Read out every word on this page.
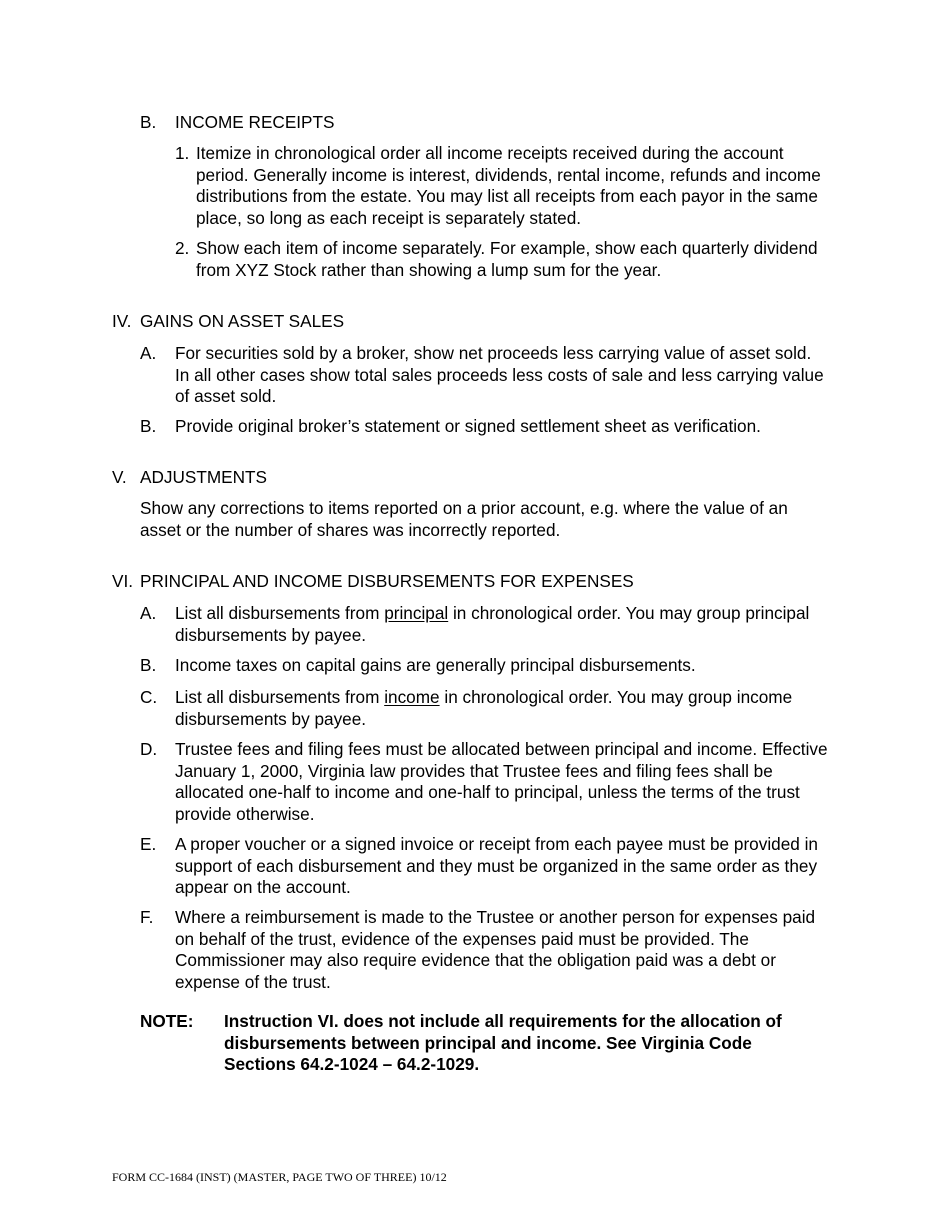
B. INCOME RECEIPTS
1. Itemize in chronological order all income receipts received during the account
period. Generally income is interest, dividends, rental income, refunds and income
distributions from the estate. You may list all receipts from each payor in the same
place, so long as each receipt is separately stated.
2. Show each item of income separately. For example, show each quarterly dividend
from XYZ Stock rather than showing a lump sum for the year.
IV. GAINS ON ASSET SALES
A. For securities sold by a broker, show net proceeds less carrying value of asset sold.
In all other cases show total sales proceeds less costs of sale and less carrying value
of asset sold.
B. Provide original broker’s statement or signed settlement sheet as verification.
V. ADJUSTMENTS
Show any corrections to items reported on a prior account, e.g. where the value of an
asset or the number of shares was incorrectly reported.
VI. PRINCIPAL AND INCOME DISBURSEMENTS FOR EXPENSES
A. List all disbursements from principal in chronological order. You may group principal
disbursements by payee.
B. Income taxes on capital gains are generally principal disbursements.
C. List all disbursements from income in chronological order. You may group income
disbursements by payee.
D. Trustee fees and filing fees must be allocated between principal and income. Effective
January 1, 2000, Virginia law provides that Trustee fees and filing fees shall be
allocated one-half to income and one-half to principal, unless the terms of the trust
provide otherwise.
E. A proper voucher or a signed invoice or receipt from each payee must be provided in
support of each disbursement and they must be organized in the same order as they
appear on the account.
F. Where a reimbursement is made to the Trustee or another person for expenses paid
on behalf of the trust, evidence of the expenses paid must be provided. The
Commissioner may also require evidence that the obligation paid was a debt or
expense of the trust.
NOTE: Instruction VI. does not include all requirements for the allocation of
disbursements between principal and income. See Virginia Code
Sections 64.2-1024 – 64.2-1029.
FORM CC-1684 (INST) (MASTER, PAGE TWO OF THREE) 10/12
